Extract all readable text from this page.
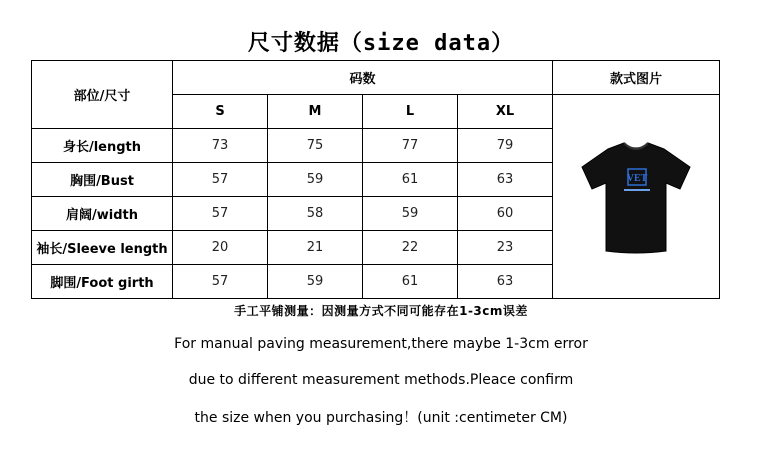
尺寸数据（size data）
部位/尺寸	码数				款式图片
	S	M	L	XL	VET

身长/length	73	75	77	79	
胸围/Bust	57	59	61	63	
肩阔/width	57	58	59	60	
袖长/Sleeve length	20	21	22	23	
脚围/Foot girth	57	59	61	63	
手工平铺测量：因测量方式不同可能存在1-3cm误差
For manual paving measurement,there maybe 1-3cm error
due to different measurement methods.Pleace confirm
the size when you purchasing！(unit :centimeter CM)
